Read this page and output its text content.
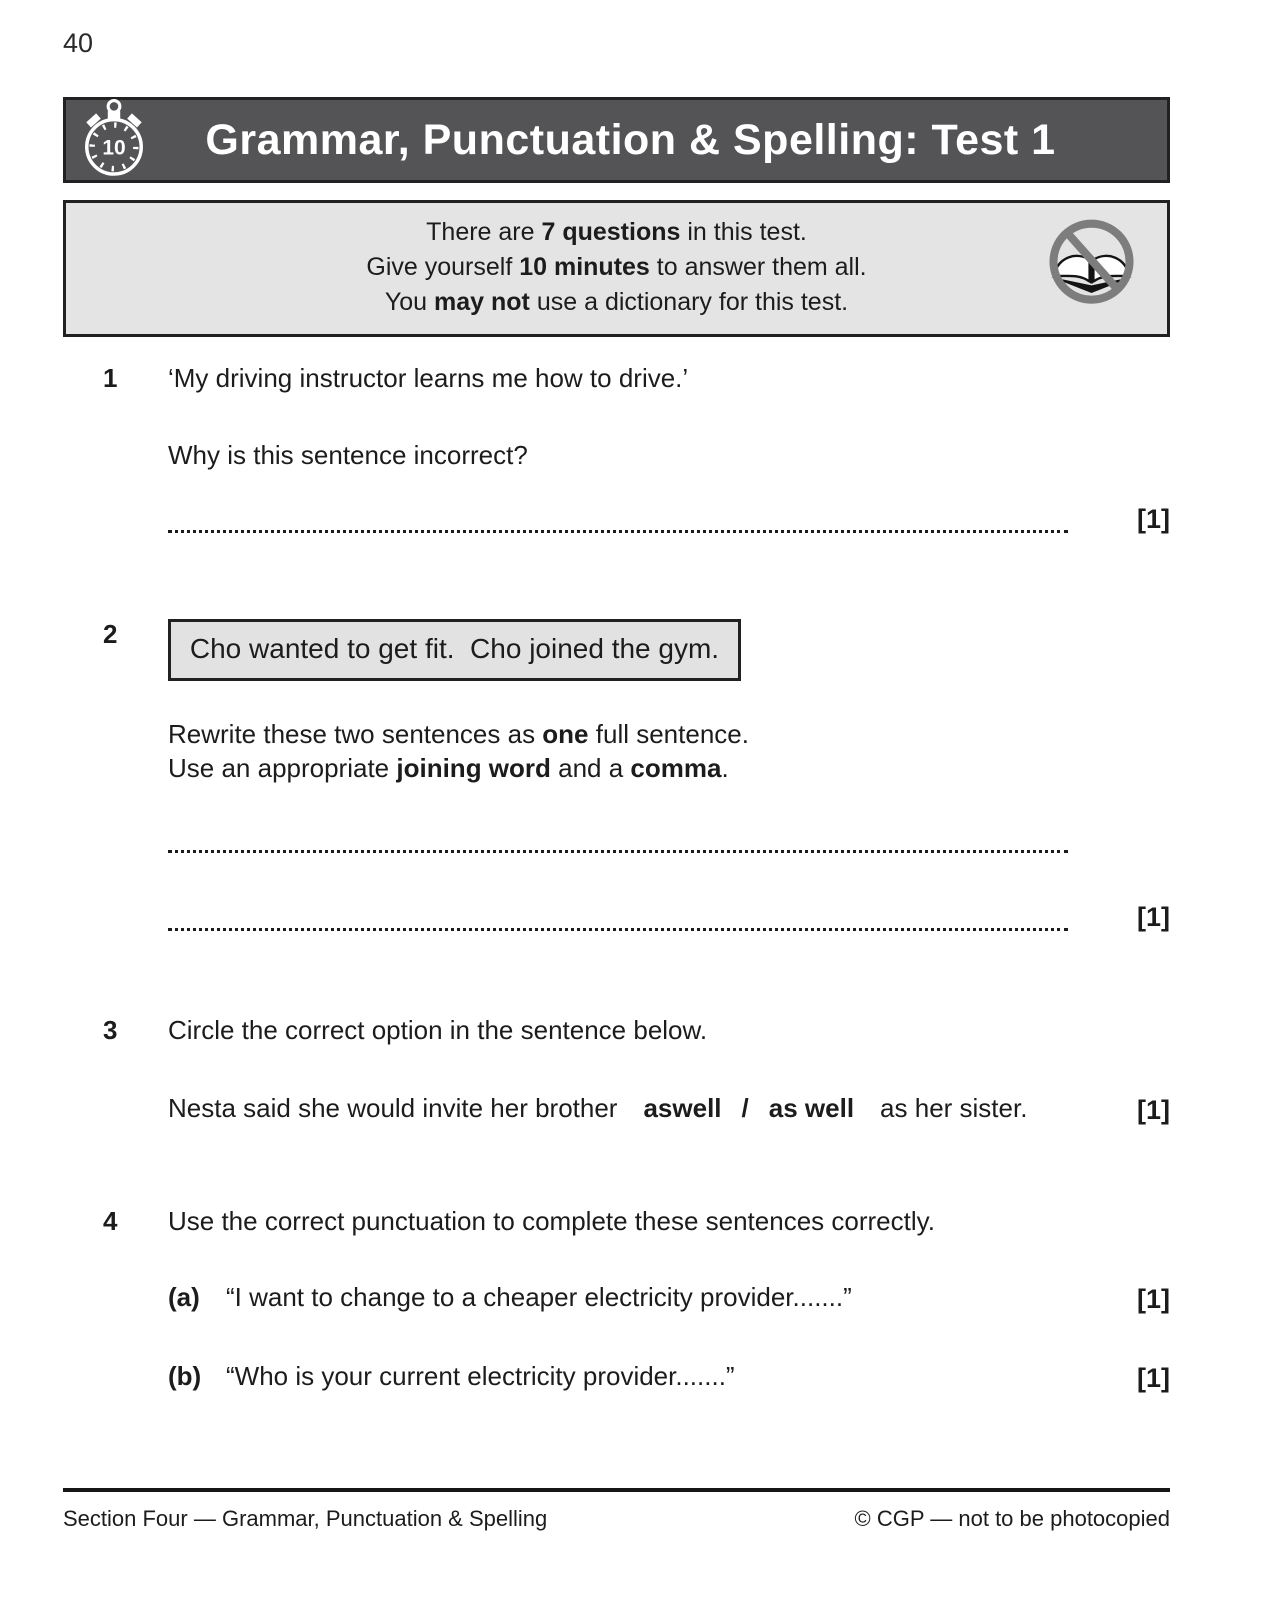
40
10	Grammar, Punctuation & Spelling: Test 1
There are 7 questions in this test.
Give yourself 10 minutes to answer them all.
You may not use a dictionary for this test.
1	‘My driving instructor learns me how to drive.’
Why is this sentence incorrect?
[1]
2	Cho wanted to get fit.  Cho joined the gym.
Rewrite these two sentences as one full sentence.
Use an appropriate joining word and a comma.
[1]
3	Circle the correct option in the sentence below.
Nesta said she would invite her brother aswell / as well as her sister.	[1]
4	Use the correct punctuation to complete these sentences correctly.
(a)	“I want to change to a cheaper electricity provider.......”	[1]
(b) “Who is your current electricity provider.......”	[1]
Section Four — Grammar, Punctuation & Spelling	© CGP — not to be photocopied
